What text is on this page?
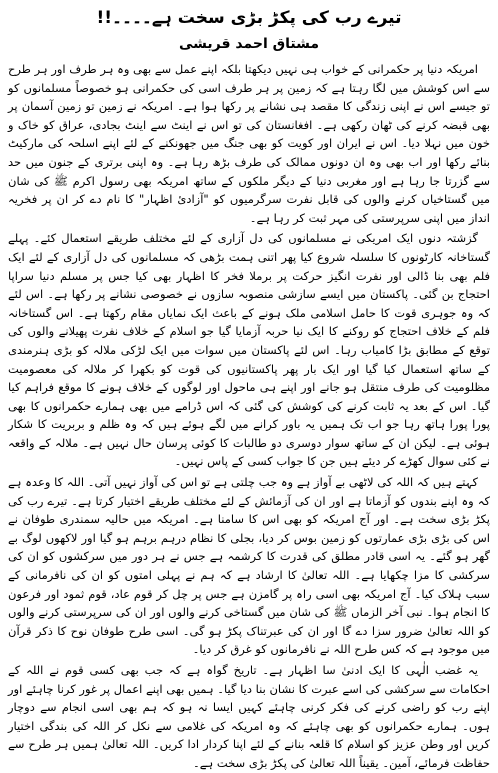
تیرے رب کی پکڑ بڑی سخت ہے۔۔۔۔!!
مشتاق احمد قریشی

امریکہ دنیا پر حکمرانی کے خواب ہی نہیں دیکھتا بلکہ اپنے عمل سے بھی وہ ہر طرف اور ہر طرح سے اس کوشش میں لگا رہتا ہے کہ زمین پر ہر طرف اسی کی حکمرانی ہو خصوصاً مسلمانوں کو تو جیسے اس نے اپنی زندگی کا مقصد ہی نشانے پر رکھا ہوا ہے۔ امریکہ نے زمین تو زمین آسمان پر بھی قبضہ کرنے کی ٹھان رکھی ہے۔ افغانستان کی تو اس نے اینٹ سے اینٹ بجادی، عراق کو خاک و خون میں نہلا دیا۔ اس نے ایران اور کویت کو بھی جنگ میں جھونکنے کے لئے اپنے اسلحہ کی مارکیٹ بنائے رکھا اور اب بھی وہ ان دونوں ممالک کی طرف بڑھ رہا ہے۔ وہ اپنی برتری کے جنون میں حد سے گزرتا جا رہا ہے اور مغربی دنیا کے دیگر ملکوں کے ساتھ امریکہ بھی رسول اکرم ﷺ کی شان میں گستاخیاں کرنے والوں کی قابل نفرت سرگرمیوں کو "آزادیٔ اظہار" کا نام دے کر ان پر فخریہ انداز میں اپنی سرپرستی کی مہر ثبت کر رہا ہے۔

گزشتہ دنوں ایک امریکی نے مسلمانوں کی دل آزاری کے لئے مختلف طریقے استعمال کئے۔ پہلے گستاخانہ کارٹونوں کا سلسلہ شروع کیا پھر اتنی ہمت بڑھی کہ مسلمانوں کی دل آزاری کے لئے ایک فلم بھی بنا ڈالی اور نفرت انگیز حرکت پر برملا فخر کا اظہار بھی کیا جس پر مسلم دنیا سراپا احتجاج بن گئی۔ پاکستان میں ایسے سازشی منصوبہ سازوں نے خصوصی نشانے پر رکھا ہے۔ اس لئے کہ وہ جوہری قوت کا حامل اسلامی ملک ہونے کے باعث ایک نمایاں مقام رکھتا ہے۔ اس گستاخانہ فلم کے خلاف احتجاج کو روکنے کا ایک نیا حربہ آزمایا گیا جو اسلام کے خلاف نفرت پھیلانے والوں کی توقع کے مطابق بڑا کامیاب رہا۔ اس لئے پاکستان میں سوات میں ایک لڑکی ملالہ کو بڑی ہنرمندی کے ساتھ استعمال کیا گیا اور ایک بار پھر پاکستانیوں کی قوت کو بکھرا کر ملالہ کی معصومیت مظلومیت کی طرف منتقل ہو جانے اور اپنے ہی ماحول اور لوگوں کے خلاف ہونے کا موقع فراہم کیا گیا۔ اس کے بعد یہ ثابت کرنے کی کوشش کی گئی کہ اس ڈرامے میں بھی ہمارے حکمرانوں کا بھی پورا پورا ہاتھ رہا جو اب تک ہمیں یہ باور کرانے میں لگے ہوئے ہیں کہ وہ ظلم و بربریت کا شکار ہوئی ہے۔ لیکن ان کے ساتھ سوار دوسری دو طالبات کا کوئی پرسان حال نہیں ہے۔ ملالہ کے واقعہ نے کئی سوال کھڑے کر دیئے ہیں جن کا جواب کسی کے پاس نہیں۔

کہتے ہیں کہ اللہ کی لاٹھی بے آواز ہے وہ جب چلتی ہے تو اس کی آواز نہیں آتی۔ اللہ کا وعدہ ہے کہ وہ اپنے بندوں کو آزماتا ہے اور ان کی آزمائش کے لئے مختلف طریقے اختیار کرتا ہے۔ تیرے رب کی پکڑ بڑی سخت ہے۔ اور آج امریکہ کو بھی اس کا سامنا ہے۔ امریکہ میں حالیہ سمندری طوفان نے اس کی بڑی بڑی عمارتوں کو زمین بوس کر دیا، بجلی کا نظام درہم برہم ہو گیا اور لاکھوں لوگ بے گھر ہو گئے۔ یہ اسی قادر مطلق کی قدرت کا کرشمہ ہے جس نے ہر دور میں سرکشوں کو ان کی سرکشی کا مزا چکھایا ہے۔ اللہ تعالیٰ کا ارشاد ہے کہ ہم نے پہلی امتوں کو ان کی نافرمانی کے سبب ہلاک کیا۔ آج امریکہ بھی اسی راہ پر گامزن ہے جس پر چل کر قوم عاد، قوم ثمود اور فرعون کا انجام ہوا۔ نبی آخر الزماں ﷺ کی شان میں گستاخی کرنے والوں اور ان کی سرپرستی کرنے والوں کو اللہ تعالیٰ ضرور سزا دے گا اور ان کی عبرتناک پکڑ ہو گی۔ اسی طرح طوفان نوح کا ذکر قرآن میں موجود ہے کہ کس طرح اللہ نے نافرمانوں کو غرق کر دیا۔

یہ غضب الٰہی کا ایک ادنیٰ سا اظہار ہے۔ تاریخ گواہ ہے کہ جب بھی کسی قوم نے اللہ کے احکامات سے سرکشی کی اسے عبرت کا نشان بنا دیا گیا۔ ہمیں بھی اپنے اعمال پر غور کرنا چاہئے اور اپنے رب کو راضی کرنے کی فکر کرنی چاہئے کہیں ایسا نہ ہو کہ ہم بھی اسی انجام سے دوچار ہوں۔ ہمارے حکمرانوں کو بھی چاہئے کہ وہ امریکہ کی غلامی سے نکل کر اللہ کی بندگی اختیار کریں اور وطن عزیز کو اسلام کا قلعہ بنانے کے لئے اپنا کردار ادا کریں۔ اللہ تعالیٰ ہمیں ہر طرح سے حفاظت فرمائے، آمین۔ یقیناً اللہ تعالیٰ کی پکڑ بڑی سخت ہے۔
